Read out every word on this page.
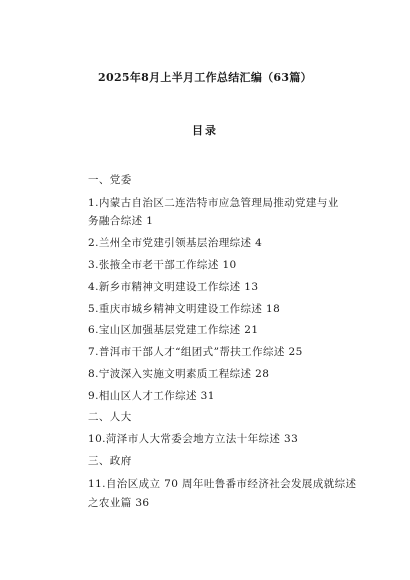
2025年8月上半月工作总结汇编（63篇）
目录
一、党委
1.内蒙古自治区二连浩特市应急管理局推动党建与业
务融合综述 1
2.兰州全市党建引领基层治理综述 4
3.张掖全市老干部工作综述 10
4.新乡市精神文明建设工作综述 13
5.重庆市城乡精神文明建设工作综述 18
6.宝山区加强基层党建工作综述 21
7.普洱市干部人才“组团式”帮扶工作综述 25
8.宁波深入实施文明素质工程综述 28
9.相山区人才工作综述 31
二、人大
10.菏泽市人大常委会地方立法十年综述 33
三、政府
11.自治区成立 70 周年吐鲁番市经济社会发展成就综述
之农业篇 36
